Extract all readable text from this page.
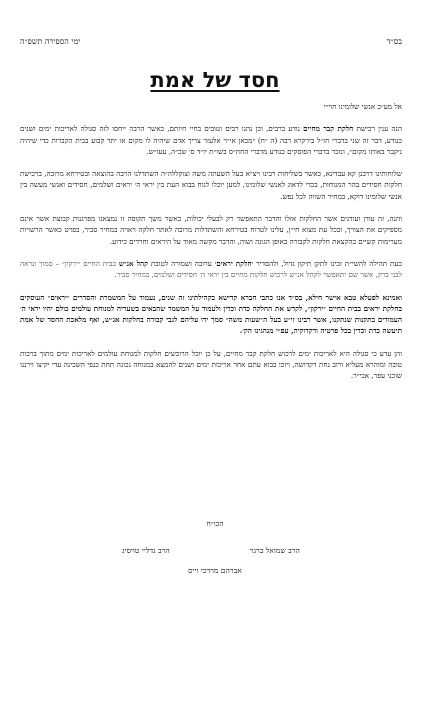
בס״ד
ימי הספירה תשפ״ה
חסד של אמת
אל מע״כ אנשי שלומינו חוי״י

הנה ענין רכישת חלקת קבר מחיים נודע ברבים, וכן נהגו רבים וטובים בחיי חיותם, כאשר הרבה ייחסו לזה סגולה לאריכות ימים ושנים כנודע, דבר זה שני בדברי חז״ל בירקרא רבה (ה ״ח) ״מכאן אי״ר אלעזר צריך אדם שיהיה לו מקום או יתד קבוע בבית הקברות כדי שיהיה ניקבר באותו מקום״, ונזכר בדברי הפוסקים כנודע מדברי החת״ס בשו״ת יו״ד ס׳ שכ״ה, עעו״ש.

שלוחותינו דרבנן קא עבדינא, כאשר בשליחות רבינו ויצ״א בעל השעתה משה וצוקללה״ה השתדלנו הרבה בהוצאה ובטירחא מרובה, ברכישת חלקות חסידים בהר המנוחות, בכדי לדאוג לאנשי שלומינו, למען יוכלו לנוח בבוא העת בין יראי ה׳ יראים ושלמים, חסידים ואנשי מעשה בין אנשי שלומינו דוקא, במחיר השווה לכל נפש.

והנה, זה עודן ועודנים אשר החלקות אזלו והדבר התאפשר רק לבעלי יכולות, כאשר משך תקופה זו נמצאנו מפרגנות קבוצת אשר אינם מספיקים את הצורך, ובכל עת מצוא חי״ן, עלינו לטרוח בטירחא והשתדלות מרובה לאתר חלקה ראויה במחיר סביר, בפרט כאשר הרשויות מערימות קשיים בהקצאת חלקות לקבורה באופן הגונה ושוה, והדבר מקשה מאוד על היראים וחרדים כידוע.

כעת תהילה להשי״ת זכינו לתקן תיקון גדול, ולהסדיר ׳חלקת יראים׳ ערוכה ושמורה לטובת קהל אנ״ש בבית החיים ״ירקון״ – סמוך ונראה לבני ברק, אשר שם יתאפשר לקהל אנ״ש לרכוש חלקות מחיים בין יראי ה׳ חסידים ושלמים, במחיר סביר.

ואמינא לפעלא טבא אישר חילא, בס״ד אנו כתבי חברא קדישא בקהילתינו זה שנים, נעמוד על המשמרת והסדרים ״יראים״ העוסקים בחלקת יראים בבית החיים ״ירקון״, לקדש את החלקה כדת וכדין ולעמוד על המשמר שהבאים בשעריה למנוחת עולמים כולם יהיו יראי ה׳ העמודים בתקנות שנתקנו, אשר רבינו זי״ע בעל ה״שעות משה״ סמך ידו עליהם לגבי קבורה בחלקות אנ״ש, ואף מלאכת החסד של אמת תיעשה כדת וכדין בכל פרטיה ודקדוקיה, עפ״י מנהגינו הק׳.

והן עדע כי סגולה היא לאריכות ימים לרכוש חלקת קבר מחיים, על כן יוכל הרוכשים חלקות למנוחת עולמים לאריכות ימים מתוך ברכות טובה ומוהרא מעליא ורוב נחת דקדושה, ויזכו בבוא עתם אחר אריכות ימים ושנים להמצא במנוחה נכונה תחת כנפי השכינה עדי יקיצו וירננו שוכני עפר, אכי״ר.

הכו״ח
הרב שמואל ברגר
הרב גדליי טויסיג
אברהם מרדכי וייס
